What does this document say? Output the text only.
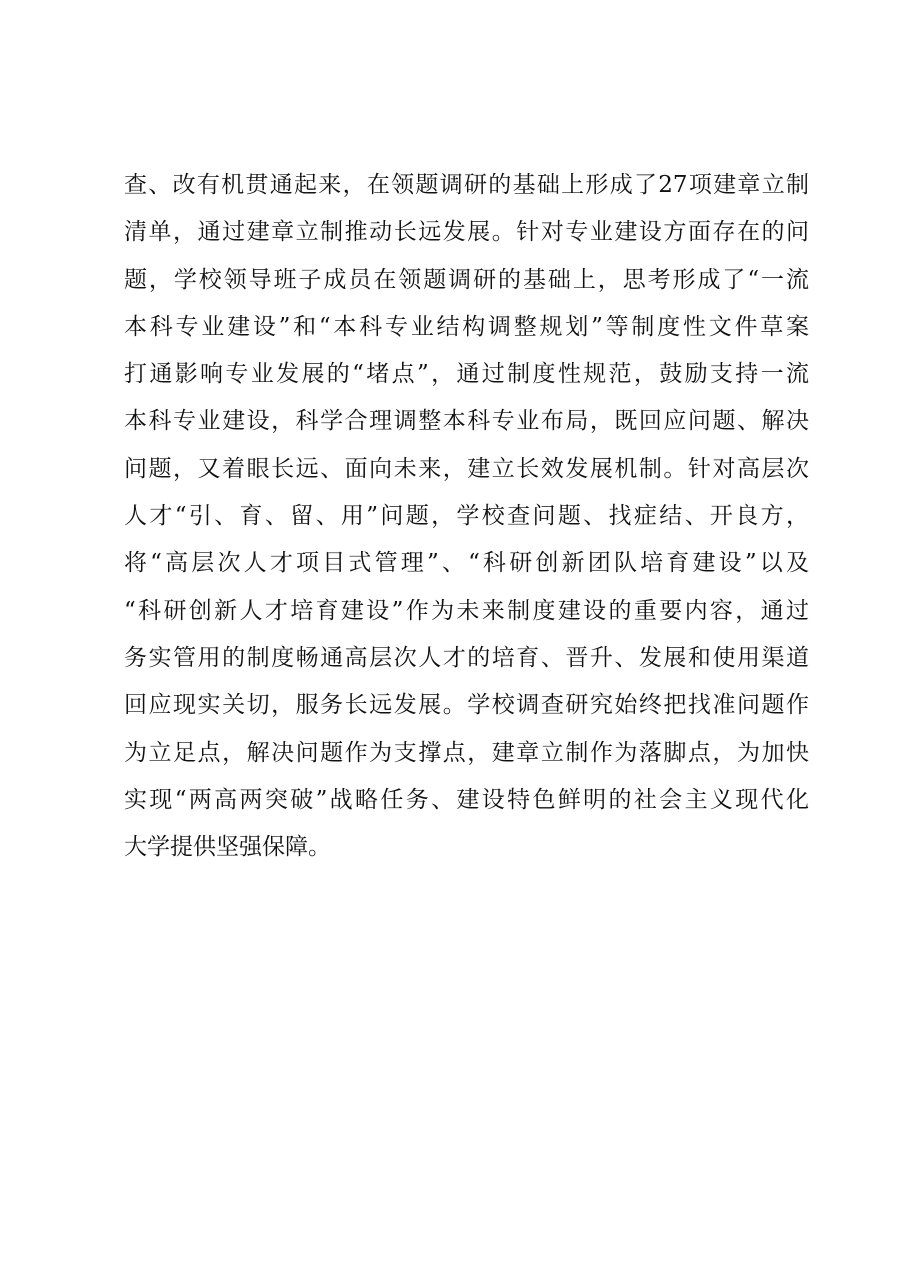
查、改有机贯通起来，在领题调研的基础上形成了27项建章立制
清单，通过建章立制推动长远发展。针对专业建设方面存在的问
题，学校领导班子成员在领题调研的基础上，思考形成了“一流
本科专业建设”和“本科专业结构调整规划”等制度性文件草案
打通影响专业发展的“堵点”，通过制度性规范，鼓励支持一流
本科专业建设，科学合理调整本科专业布局，既回应问题、解决
问题，又着眼长远、面向未来，建立长效发展机制。针对高层次
人才“引、育、留、用”问题，学校查问题、找症结、开良方，
将“高层次人才项目式管理”、“科研创新团队培育建设”以及
“科研创新人才培育建设”作为未来制度建设的重要内容，通过
务实管用的制度畅通高层次人才的培育、晋升、发展和使用渠道
回应现实关切，服务长远发展。学校调查研究始终把找准问题作
为立足点，解决问题作为支撑点，建章立制作为落脚点，为加快
实现“两高两突破”战略任务、建设特色鲜明的社会主义现代化
大学提供坚强保障。
